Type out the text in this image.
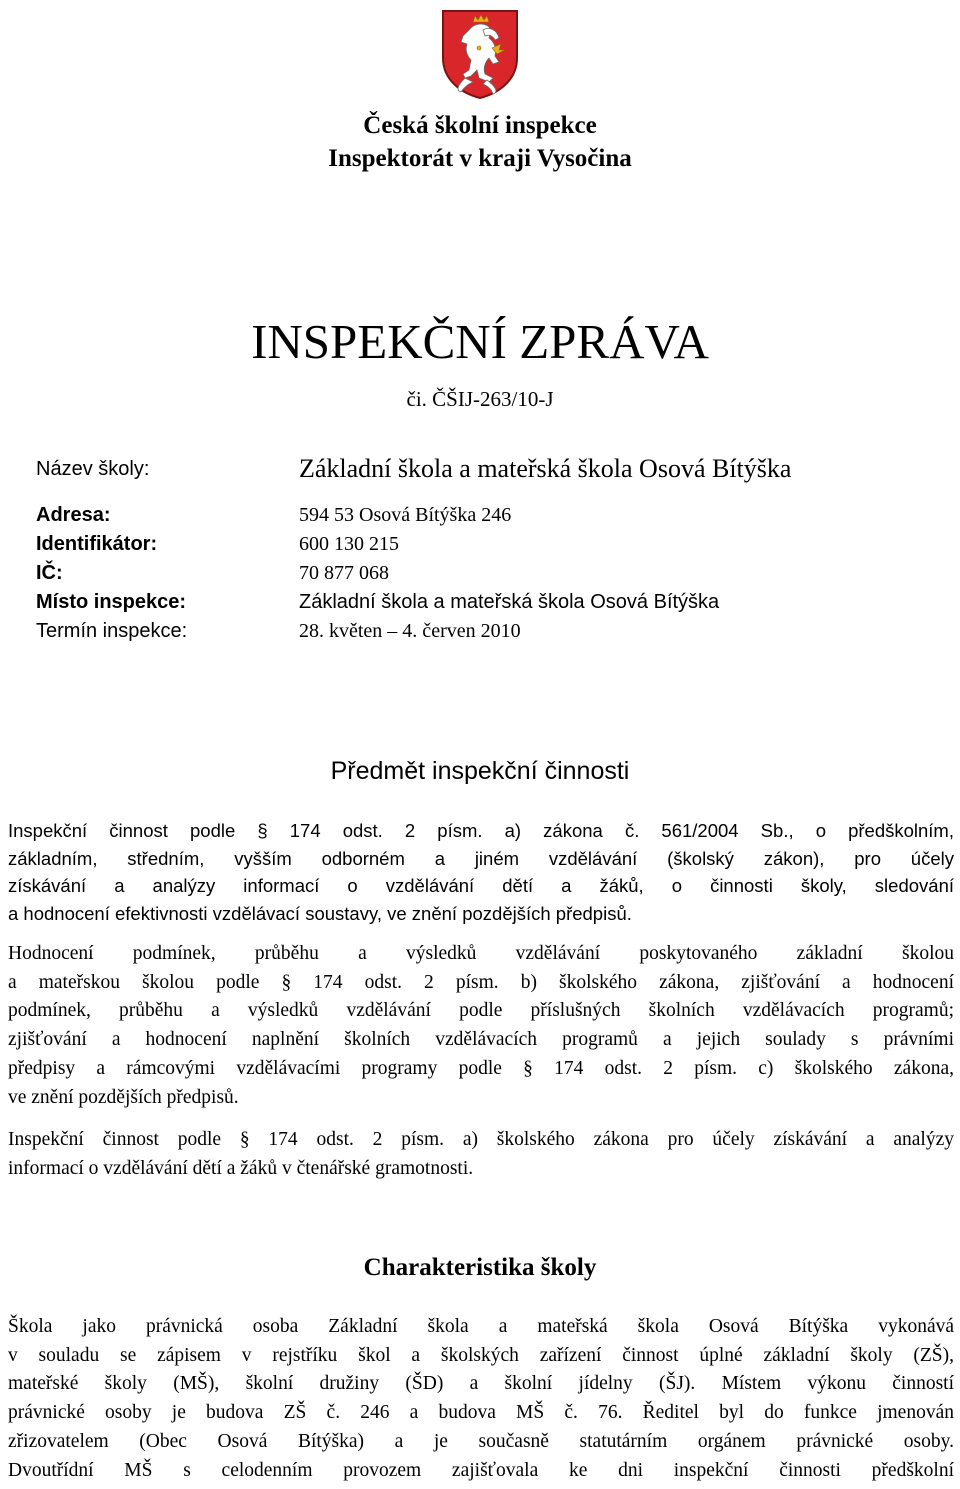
Česká školní inspekce
Inspektorát v kraji Vysočina
INSPEKČNÍ ZPRÁVA
či. ČŠIJ-263/10-J
Název školy:	Základní škola a mateřská škola Osová Bítýška
Adresa:	594 53 Osová Bítýška 246
Identifikátor:	600 130 215
IČ:	70 877 068
Místo inspekce:	Základní škola a mateřská škola Osová Bítýška
Termín inspekce:	28. květen – 4. červen 2010
Předmět inspekční činnosti
Inspekční činnost podle § 174 odst. 2 písm. a) zákona č. 561/2004 Sb., o předškolním,
základním, středním, vyšším odborném a jiném vzdělávání (školský zákon), pro účely
získávání a analýzy informací o vzdělávání dětí a žáků, o činnosti školy, sledování
a hodnocení efektivnosti vzdělávací soustavy, ve znění pozdějších předpisů.
Hodnocení podmínek, průběhu a výsledků vzdělávání poskytovaného základní školou
a mateřskou školou podle § 174 odst. 2 písm. b) školského zákona, zjišťování a hodnocení
podmínek, průběhu a výsledků vzdělávání podle příslušných školních vzdělávacích programů;
zjišťování a hodnocení naplnění školních vzdělávacích programů a jejich soulady s právními
předpisy a rámcovými vzdělávacími programy podle § 174 odst. 2 písm. c) školského zákona,
ve znění pozdějších předpisů.
Inspekční činnost podle § 174 odst. 2 písm. a) školského zákona pro účely získávání a analýzy
informací o vzdělávání dětí a žáků v čtenářské gramotnosti.
Charakteristika školy
Škola jako právnická osoba Základní škola a mateřská škola Osová Bítýška vykonává
v souladu se zápisem v rejstříku škol a školských zařízení činnost úplné základní školy (ZŠ),
mateřské školy (MŠ), školní družiny (ŠD) a školní jídelny (ŠJ). Místem výkonu činností
právnické osoby je budova ZŠ č. 246 a budova MŠ č. 76. Ředitel byl do funkce jmenován
zřizovatelem (Obec Osová Bítýška) a je současně statutárním orgánem právnické osoby.
Dvoutřídní MŠ s celodenním provozem zajišťovala ke dni inspekční činnosti předškolní
